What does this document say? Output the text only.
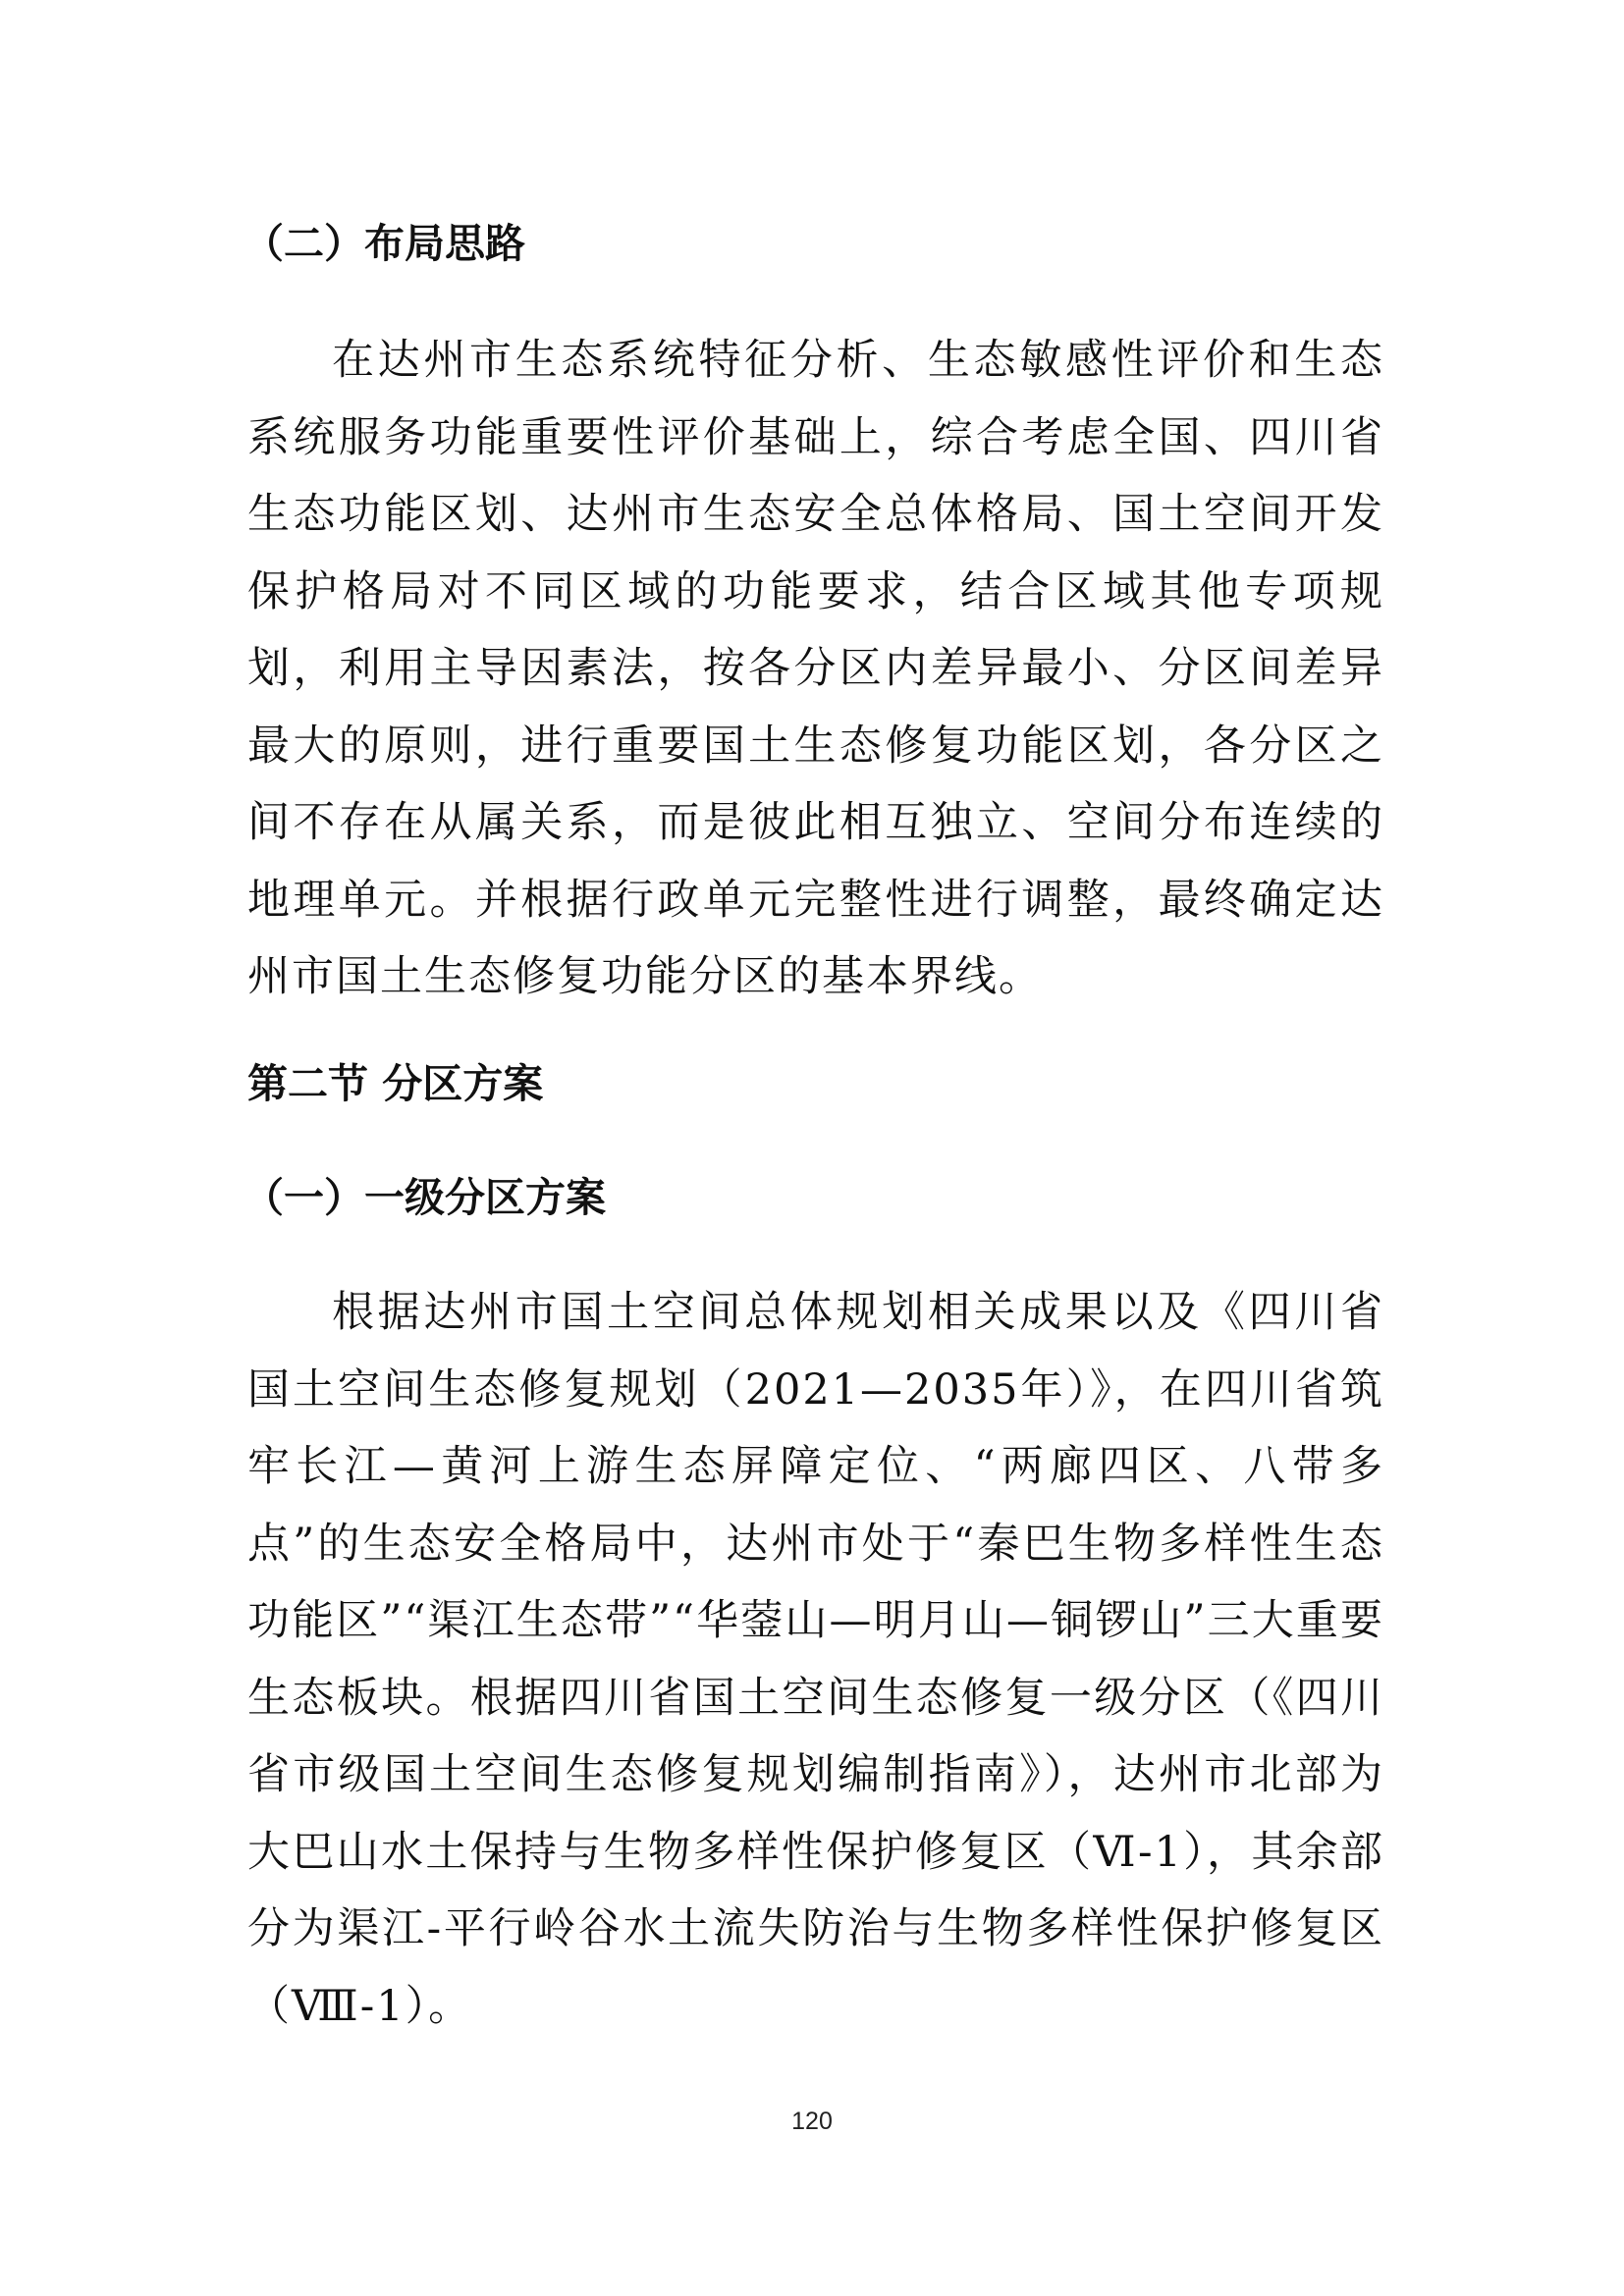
（二）布局思路

在达州市生态系统特征分析、生态敏感性评价和生态系统服务功能重要性评价基础上，综合考虑全国、四川省生态功能区划、达州市生态安全总体格局、国土空间开发保护格局对不同区域的功能要求，结合区域其他专项规划，利用主导因素法，按各分区内差异最小、分区间差异最大的原则，进行重要国土生态修复功能区划，各分区之间不存在从属关系，而是彼此相互独立、空间分布连续的地理单元。并根据行政单元完整性进行调整，最终确定达州市国土生态修复功能分区的基本界线。

第二节 分区方案
（一）一级分区方案

根据达州市国土空间总体规划相关成果以及《四川省国土空间生态修复规划（2021—2035年）》，在四川省筑牢长江—黄河上游生态屏障定位、“两廊四区、八带多点”的生态安全格局中，达州市处于“秦巴生物多样性生态功能区”“渠江生态带”“华蓥山—明月山—铜锣山”三大重要生态板块。根据四川省国土空间生态修复一级分区（《四川省市级国土空间生态修复规划编制指南》），达州市北部为大巴山水土保持与生物多样性保护修复区（Ⅵ-1），其余部分为渠江-平行岭谷水土流失防治与生物多样性保护修复区（Ⅷ-1）。

120
